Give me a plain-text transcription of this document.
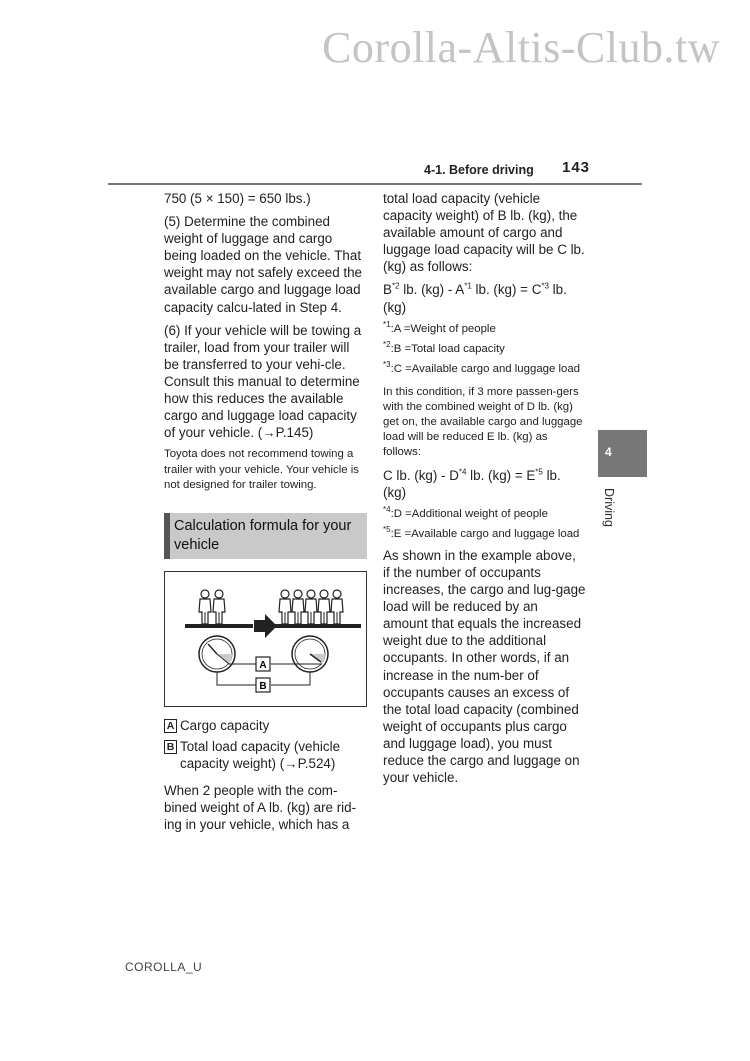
Corolla-Altis-Club.tw
4-1. Before driving 143

750 (5 × 150) = 650 lbs.)

(5) Determine the combined weight of luggage and cargo being loaded on the vehicle. That weight may not safely exceed the available cargo and luggage load capacity calcu-lated in Step 4.

(6) If your vehicle will be towing a trailer, load from your trailer will be transferred to your vehi-cle. Consult this manual to determine how this reduces the available cargo and luggage load capacity of your vehicle. (→P.145)

Toyota does not recommend towing a trailer with your vehicle. Your vehicle is not designed for trailer towing.

Calculation formula for your vehicle
A
B
A Cargo capacity
B Total load capacity (vehicle capacity weight) (→P.524)

When 2 people with the com-bined weight of A lb. (kg) are rid-ing in your vehicle, which has a

total load capacity (vehicle capacity weight) of B lb. (kg), the available amount of cargo and luggage load capacity will be C lb. (kg) as follows:

$B^{*2}$ lb. $(kg) - A^{*1}$ lb. $(kg) = C^{*3}$ lb. (kg)

$^{*1}$:A =Weight of people

$^{*2}$:B =Total load capacity

$^{*3}$:C =Available cargo and luggage load

In this condition, if 3 more passen-gers with the combined weight of D lb. (kg) get on, the available cargo and luggage load will be reduced E lb. (kg) as follows:

C lb. $(kg) - D^{*4}$ lb. $(kg) = E^{*5}$ lb. (kg)

$^{*4}$:D =Additional weight of people

$^{*5}$:E =Available cargo and luggage load

As shown in the example above, if the number of occupants increases, the cargo and lug-gage load will be reduced by an amount that equals the increased weight due to the additional occupants. In other words, if an increase in the num-ber of occupants causes an excess of the total load capacity (combined weight of occupants plus cargo and luggage load), you must reduce the cargo and luggage on your vehicle.

4
Driving
COROLLA_U
